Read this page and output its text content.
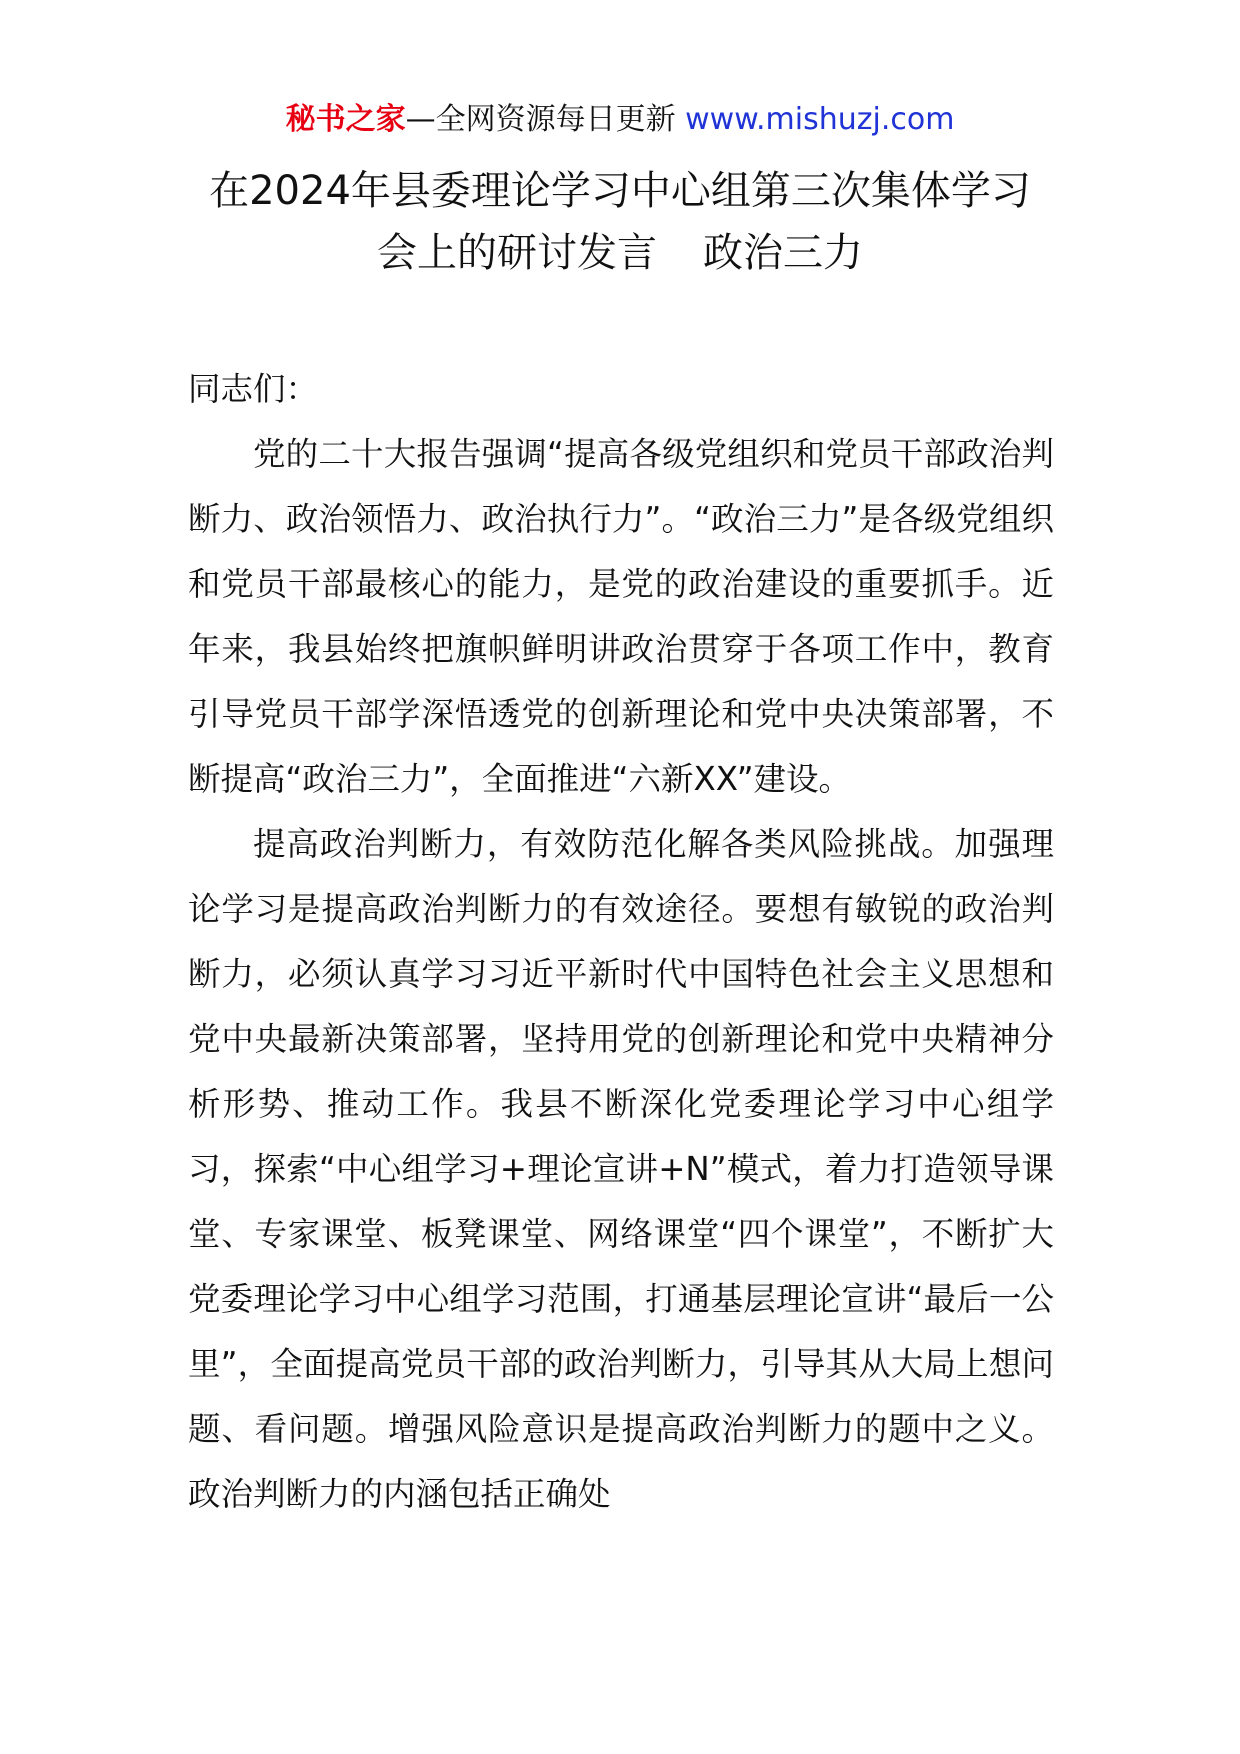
秘书之家—全网资源每日更新 www.mishuzj.com
在2024年县委理论学习中心组第三次集体学习
会上的研讨发言 政治三力

同志们：

党的二十大报告强调“提高各级党组织和党员干部政治判断力、政治领悟力、政治执行力”。“政治三力”是各级党组织和党员干部最核心的能力，是党的政治建设的重要抓手。近年来，我县始终把旗帜鲜明讲政治贯穿于各项工作中，教育引导党员干部学深悟透党的创新理论和党中央决策部署，不断提高“政治三力”，全面推进“六新XX”建设。

提高政治判断力，有效防范化解各类风险挑战。加强理论学习是提高政治判断力的有效途径。要想有敏锐的政治判断力，必须认真学习习近平新时代中国特色社会主义思想和党中央最新决策部署，坚持用党的创新理论和党中央精神分析形势、推动工作。我县不断深化党委理论学习中心组学习，探索“中心组学习+理论宣讲+N”模式，着力打造领导课堂、专家课堂、板凳课堂、网络课堂“四个课堂”，不断扩大党委理论学习中心组学习范围，打通基层理论宣讲“最后一公里”，全面提高党员干部的政治判断力，引导其从大局上想问题、看问题。增强风险意识是提高政治判断力的题中之义。政治判断力的内涵包括正确处
